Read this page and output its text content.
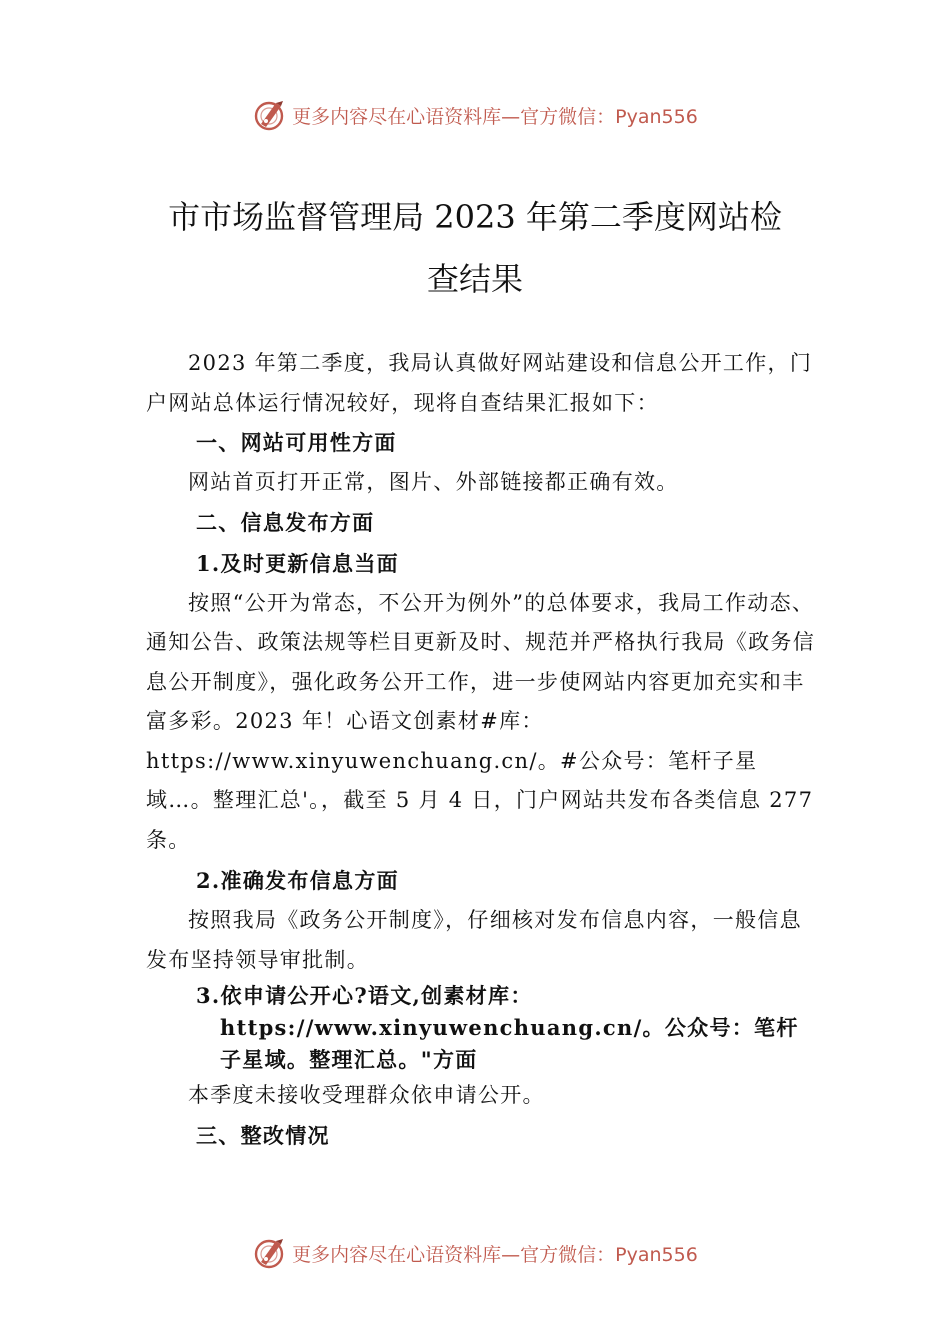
更多内容尽在心语资料库—官方微信：Pyan556
市市场监督管理局 2023 年第二季度网站检
查结果

2023 年第二季度，我局认真做好网站建设和信息公开工作，门户网站总体运行情况较好，现将自查结果汇报如下：

一、网站可用性方面

网站首页打开正常，图片、外部链接都正确有效。

二、信息发布方面

1.及时更新信息当面

按照“公开为常态，不公开为例外”的总体要求，我局工作动态、通知公告、政策法规等栏目更新及时、规范并严格执行我局《政务信息公开制度》，强化政务公开工作，进一步使网站内容更加充实和丰富多彩。2023 年！心语文创素材#库：https://www.xinyuwenchuang.cn/。#公众号：笔杆子星域…。整理汇总'。，截至 5 月 4 日，门户网站共发布各类信息 277 条。

2.准确发布信息方面

按照我局《政务公开制度》，仔细核对发布信息内容，一般信息发布坚持领导审批制。

3.依申请公开心?语文,创素材库：https://www.xinyuwenchuang.cn/。公众号：笔杆子星域。整理汇总。"方面

本季度未接收受理群众依申请公开。

三、整改情况

更多内容尽在心语资料库—官方微信：Pyan556
